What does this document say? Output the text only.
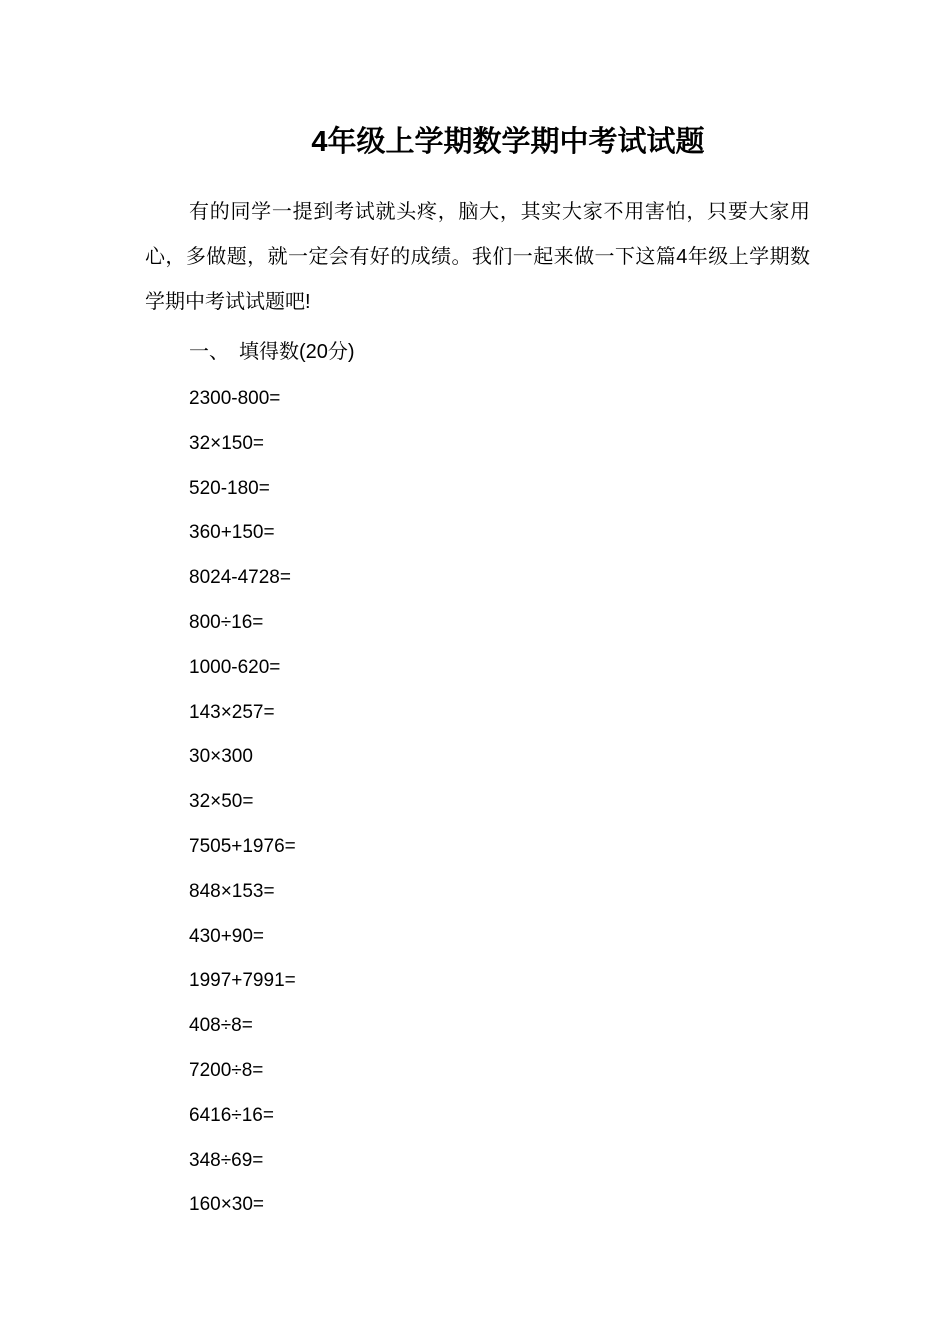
4年级上学期数学期中考试试题
有的同学一提到考试就头疼，脑大，其实大家不用害怕，只要大家用心，多做题，就一定会有好的成绩。我们一起来做一下这篇4年级上学期数学期中考试试题吧!
一、 填得数(20分)
2300-800=
32×150=
520-180=
360+150=
8024-4728=
800÷16=
1000-620=
143×257=
30×300
32×50=
7505+1976=
848×153=
430+90=
1997+7991=
408÷8=
7200÷8=
6416÷16=
348÷69=
160×30=
